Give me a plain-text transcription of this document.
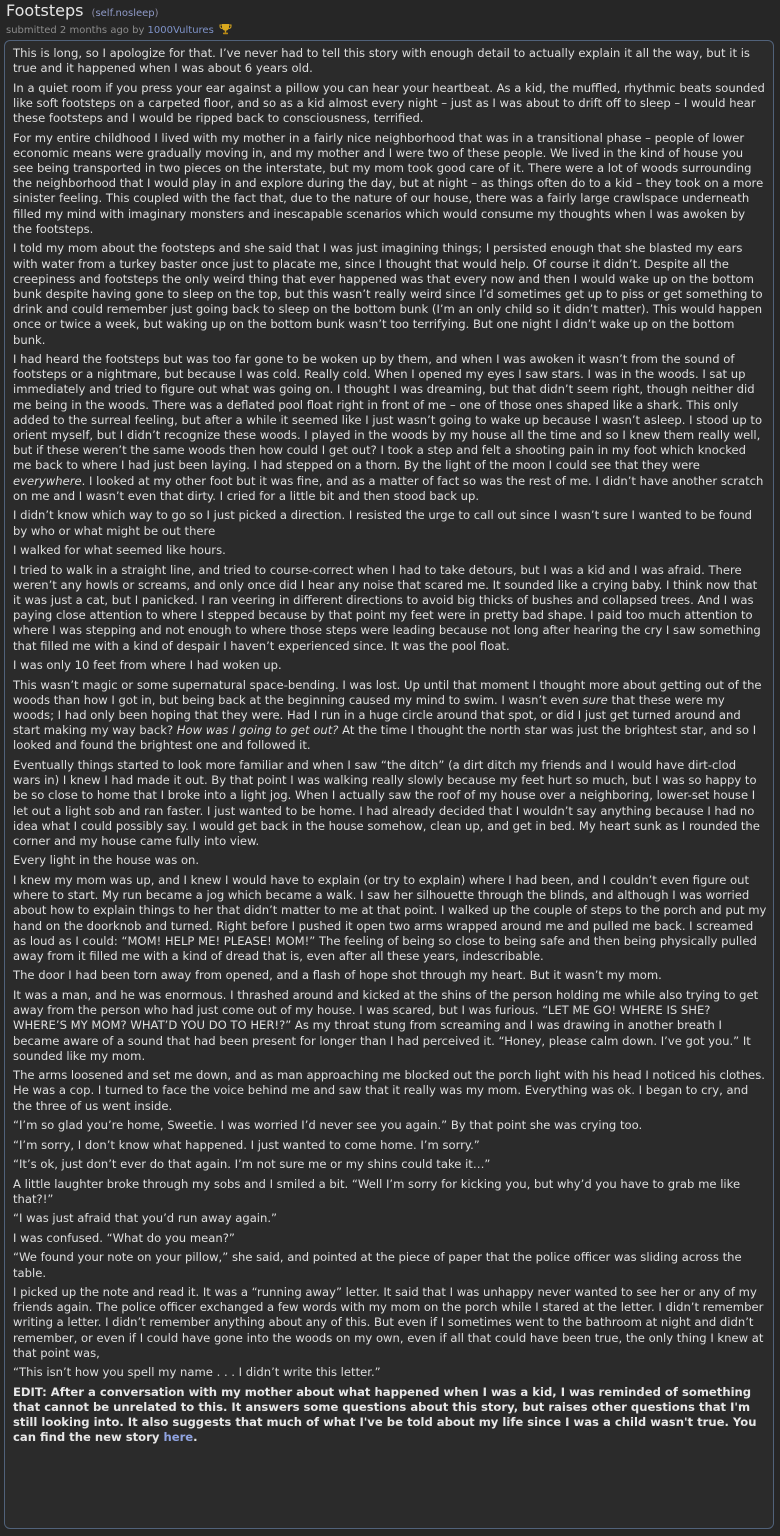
Footsteps (self.nosleep)
submitted 2 months ago by 1000Vultures

This is long, so I apologize for that. I’ve never had to tell this story with enough detail to actually explain it all the way, but it is true and it happened when I was about 6 years old.

In a quiet room if you press your ear against a pillow you can hear your heartbeat. As a kid, the muffled, rhythmic beats sounded like soft footsteps on a carpeted floor, and so as a kid almost every night – just as I was about to drift off to sleep – I would hear these footsteps and I would be ripped back to consciousness, terrified.

For my entire childhood I lived with my mother in a fairly nice neighborhood that was in a transitional phase – people of lower economic means were gradually moving in, and my mother and I were two of these people. We lived in the kind of house you see being transported in two pieces on the interstate, but my mom took good care of it. There were a lot of woods surrounding the neighborhood that I would play in and explore during the day, but at night – as things often do to a kid – they took on a more sinister feeling. This coupled with the fact that, due to the nature of our house, there was a fairly large crawlspace underneath filled my mind with imaginary monsters and inescapable scenarios which would consume my thoughts when I was awoken by the footsteps.

I told my mom about the footsteps and she said that I was just imagining things; I persisted enough that she blasted my ears with water from a turkey baster once just to placate me, since I thought that would help. Of course it didn’t. Despite all the creepiness and footsteps the only weird thing that ever happened was that every now and then I would wake up on the bottom bunk despite having gone to sleep on the top, but this wasn’t really weird since I’d sometimes get up to piss or get something to drink and could remember just going back to sleep on the bottom bunk (I’m an only child so it didn’t matter). This would happen once or twice a week, but waking up on the bottom bunk wasn’t too terrifying. But one night I didn’t wake up on the bottom bunk.

I had heard the footsteps but was too far gone to be woken up by them, and when I was awoken it wasn’t from the sound of footsteps or a nightmare, but because I was cold. Really cold. When I opened my eyes I saw stars. I was in the woods. I sat up immediately and tried to figure out what was going on. I thought I was dreaming, but that didn’t seem right, though neither did me being in the woods. There was a deflated pool float right in front of me – one of those ones shaped like a shark. This only added to the surreal feeling, but after a while it seemed like I just wasn’t going to wake up because I wasn’t asleep. I stood up to orient myself, but I didn’t recognize these woods. I played in the woods by my house all the time and so I knew them really well, but if these weren’t the same woods then how could I get out? I took a step and felt a shooting pain in my foot which knocked me back to where I had just been laying. I had stepped on a thorn. By the light of the moon I could see that they were everywhere. I looked at my other foot but it was fine, and as a matter of fact so was the rest of me. I didn’t have another scratch on me and I wasn’t even that dirty. I cried for a little bit and then stood back up.

I didn’t know which way to go so I just picked a direction. I resisted the urge to call out since I wasn’t sure I wanted to be found by who or what might be out there

I walked for what seemed like hours.

I tried to walk in a straight line, and tried to course-correct when I had to take detours, but I was a kid and I was afraid. There weren’t any howls or screams, and only once did I hear any noise that scared me. It sounded like a crying baby. I think now that it was just a cat, but I panicked. I ran veering in different directions to avoid big thicks of bushes and collapsed trees. And I was paying close attention to where I stepped because by that point my feet were in pretty bad shape. I paid too much attention to where I was stepping and not enough to where those steps were leading because not long after hearing the cry I saw something that filled me with a kind of despair I haven’t experienced since. It was the pool float.

I was only 10 feet from where I had woken up.

This wasn’t magic or some supernatural space-bending. I was lost. Up until that moment I thought more about getting out of the woods than how I got in, but being back at the beginning caused my mind to swim. I wasn’t even sure that these were my woods; I had only been hoping that they were. Had I run in a huge circle around that spot, or did I just get turned around and start making my way back? How was I going to get out? At the time I thought the north star was just the brightest star, and so I looked and found the brightest one and followed it.

Eventually things started to look more familiar and when I saw “the ditch” (a dirt ditch my friends and I would have dirt-clod wars in) I knew I had made it out. By that point I was walking really slowly because my feet hurt so much, but I was so happy to be so close to home that I broke into a light jog. When I actually saw the roof of my house over a neighboring, lower-set house I let out a light sob and ran faster. I just wanted to be home. I had already decided that I wouldn’t say anything because I had no idea what I could possibly say. I would get back in the house somehow, clean up, and get in bed. My heart sunk as I rounded the corner and my house came fully into view.

Every light in the house was on.

I knew my mom was up, and I knew I would have to explain (or try to explain) where I had been, and I couldn’t even figure out where to start. My run became a jog which became a walk. I saw her silhouette through the blinds, and although I was worried about how to explain things to her that didn’t matter to me at that point. I walked up the couple of steps to the porch and put my hand on the doorknob and turned. Right before I pushed it open two arms wrapped around me and pulled me back. I screamed as loud as I could: “MOM! HELP ME! PLEASE! MOM!” The feeling of being so close to being safe and then being physically pulled away from it filled me with a kind of dread that is, even after all these years, indescribable.

The door I had been torn away from opened, and a flash of hope shot through my heart. But it wasn’t my mom.

It was a man, and he was enormous. I thrashed around and kicked at the shins of the person holding me while also trying to get away from the person who had just come out of my house. I was scared, but I was furious. “LET ME GO! WHERE IS SHE? WHERE’S MY MOM? WHAT’D YOU DO TO HER!?” As my throat stung from screaming and I was drawing in another breath I became aware of a sound that had been present for longer than I had perceived it. “Honey, please calm down. I’ve got you.” It sounded like my mom.

The arms loosened and set me down, and as man approaching me blocked out the porch light with his head I noticed his clothes. He was a cop. I turned to face the voice behind me and saw that it really was my mom. Everything was ok. I began to cry, and the three of us went inside.

“I’m so glad you’re home, Sweetie. I was worried I’d never see you again.” By that point she was crying too.

“I’m sorry, I don’t know what happened. I just wanted to come home. I’m sorry.”

“It’s ok, just don’t ever do that again. I’m not sure me or my shins could take it…”

A little laughter broke through my sobs and I smiled a bit. “Well I’m sorry for kicking you, but why’d you have to grab me like that?!”

“I was just afraid that you’d run away again.”

I was confused. “What do you mean?”

“We found your note on your pillow,” she said, and pointed at the piece of paper that the police officer was sliding across the table.

I picked up the note and read it. It was a “running away” letter. It said that I was unhappy never wanted to see her or any of my friends again. The police officer exchanged a few words with my mom on the porch while I stared at the letter. I didn’t remember writing a letter. I didn’t remember anything about any of this. But even if I sometimes went to the bathroom at night and didn’t remember, or even if I could have gone into the woods on my own, even if all that could have been true, the only thing I knew at that point was,

“This isn’t how you spell my name . . . I didn’t write this letter.”

EDIT: After a conversation with my mother about what happened when I was a kid, I was reminded of something that cannot be unrelated to this. It answers some questions about this story, but raises other questions that I'm still looking into. It also suggests that much of what I've be told about my life since I was a child wasn't true. You can find the new story here.
